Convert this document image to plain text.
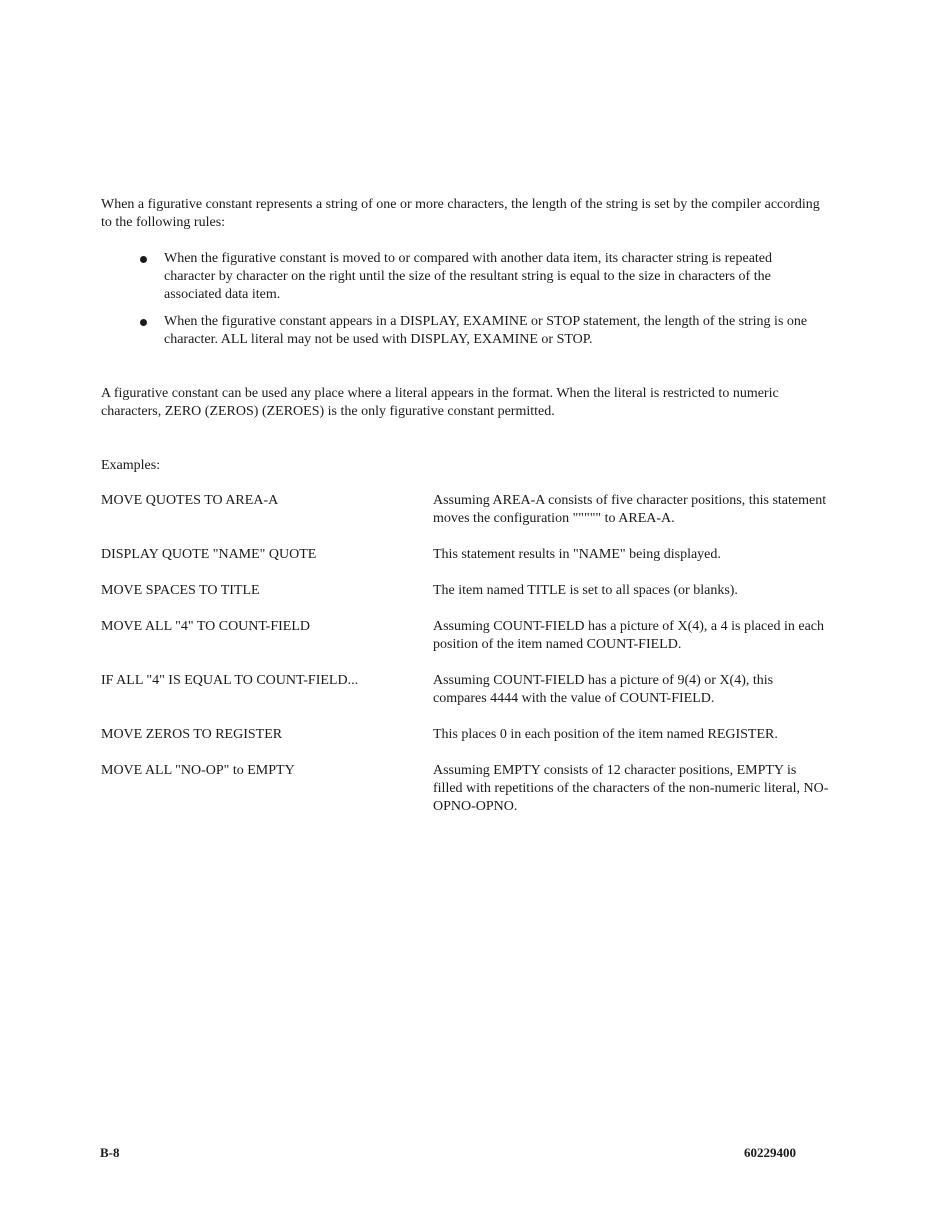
When a figurative constant represents a string of one or more characters, the length of the string is set by the compiler according to the following rules:

When the figurative constant is moved to or compared with another data item, its character string is repeated character by character on the right until the size of the resultant string is equal to the size in characters of the associated data item.
When the figurative constant appears in a DISPLAY, EXAMINE or STOP statement, the length of the string is one character. ALL literal may not be used with DISPLAY, EXAMINE or STOP.

A figurative constant can be used any place where a literal appears in the format. When the literal is restricted to numeric characters, ZERO (ZEROS) (ZEROES) is the only figurative constant permitted.

Examples:

MOVE QUOTES TO AREA-A	Assuming AREA-A consists of five character positions, this statement moves the configuration """"" to AREA-A.
DISPLAY QUOTE "NAME" QUOTE	This statement results in "NAME" being displayed.
MOVE SPACES TO TITLE	The item named TITLE is set to all spaces (or blanks).
MOVE ALL "4" TO COUNT-FIELD	Assuming COUNT-FIELD has a picture of X(4), a 4 is placed in each position of the item named COUNT-FIELD.
IF ALL "4" IS EQUAL TO COUNT-FIELD...	Assuming COUNT-FIELD has a picture of 9(4) or X(4), this compares 4444 with the value of COUNT-FIELD.
MOVE ZEROS TO REGISTER	This places 0 in each position of the item named REGISTER.
MOVE ALL "NO-OP" to EMPTY	Assuming EMPTY consists of 12 character positions, EMPTY is filled with repetitions of the characters of the non-numeric literal, NO-OPNO-OPNO.
B-8	60229400
